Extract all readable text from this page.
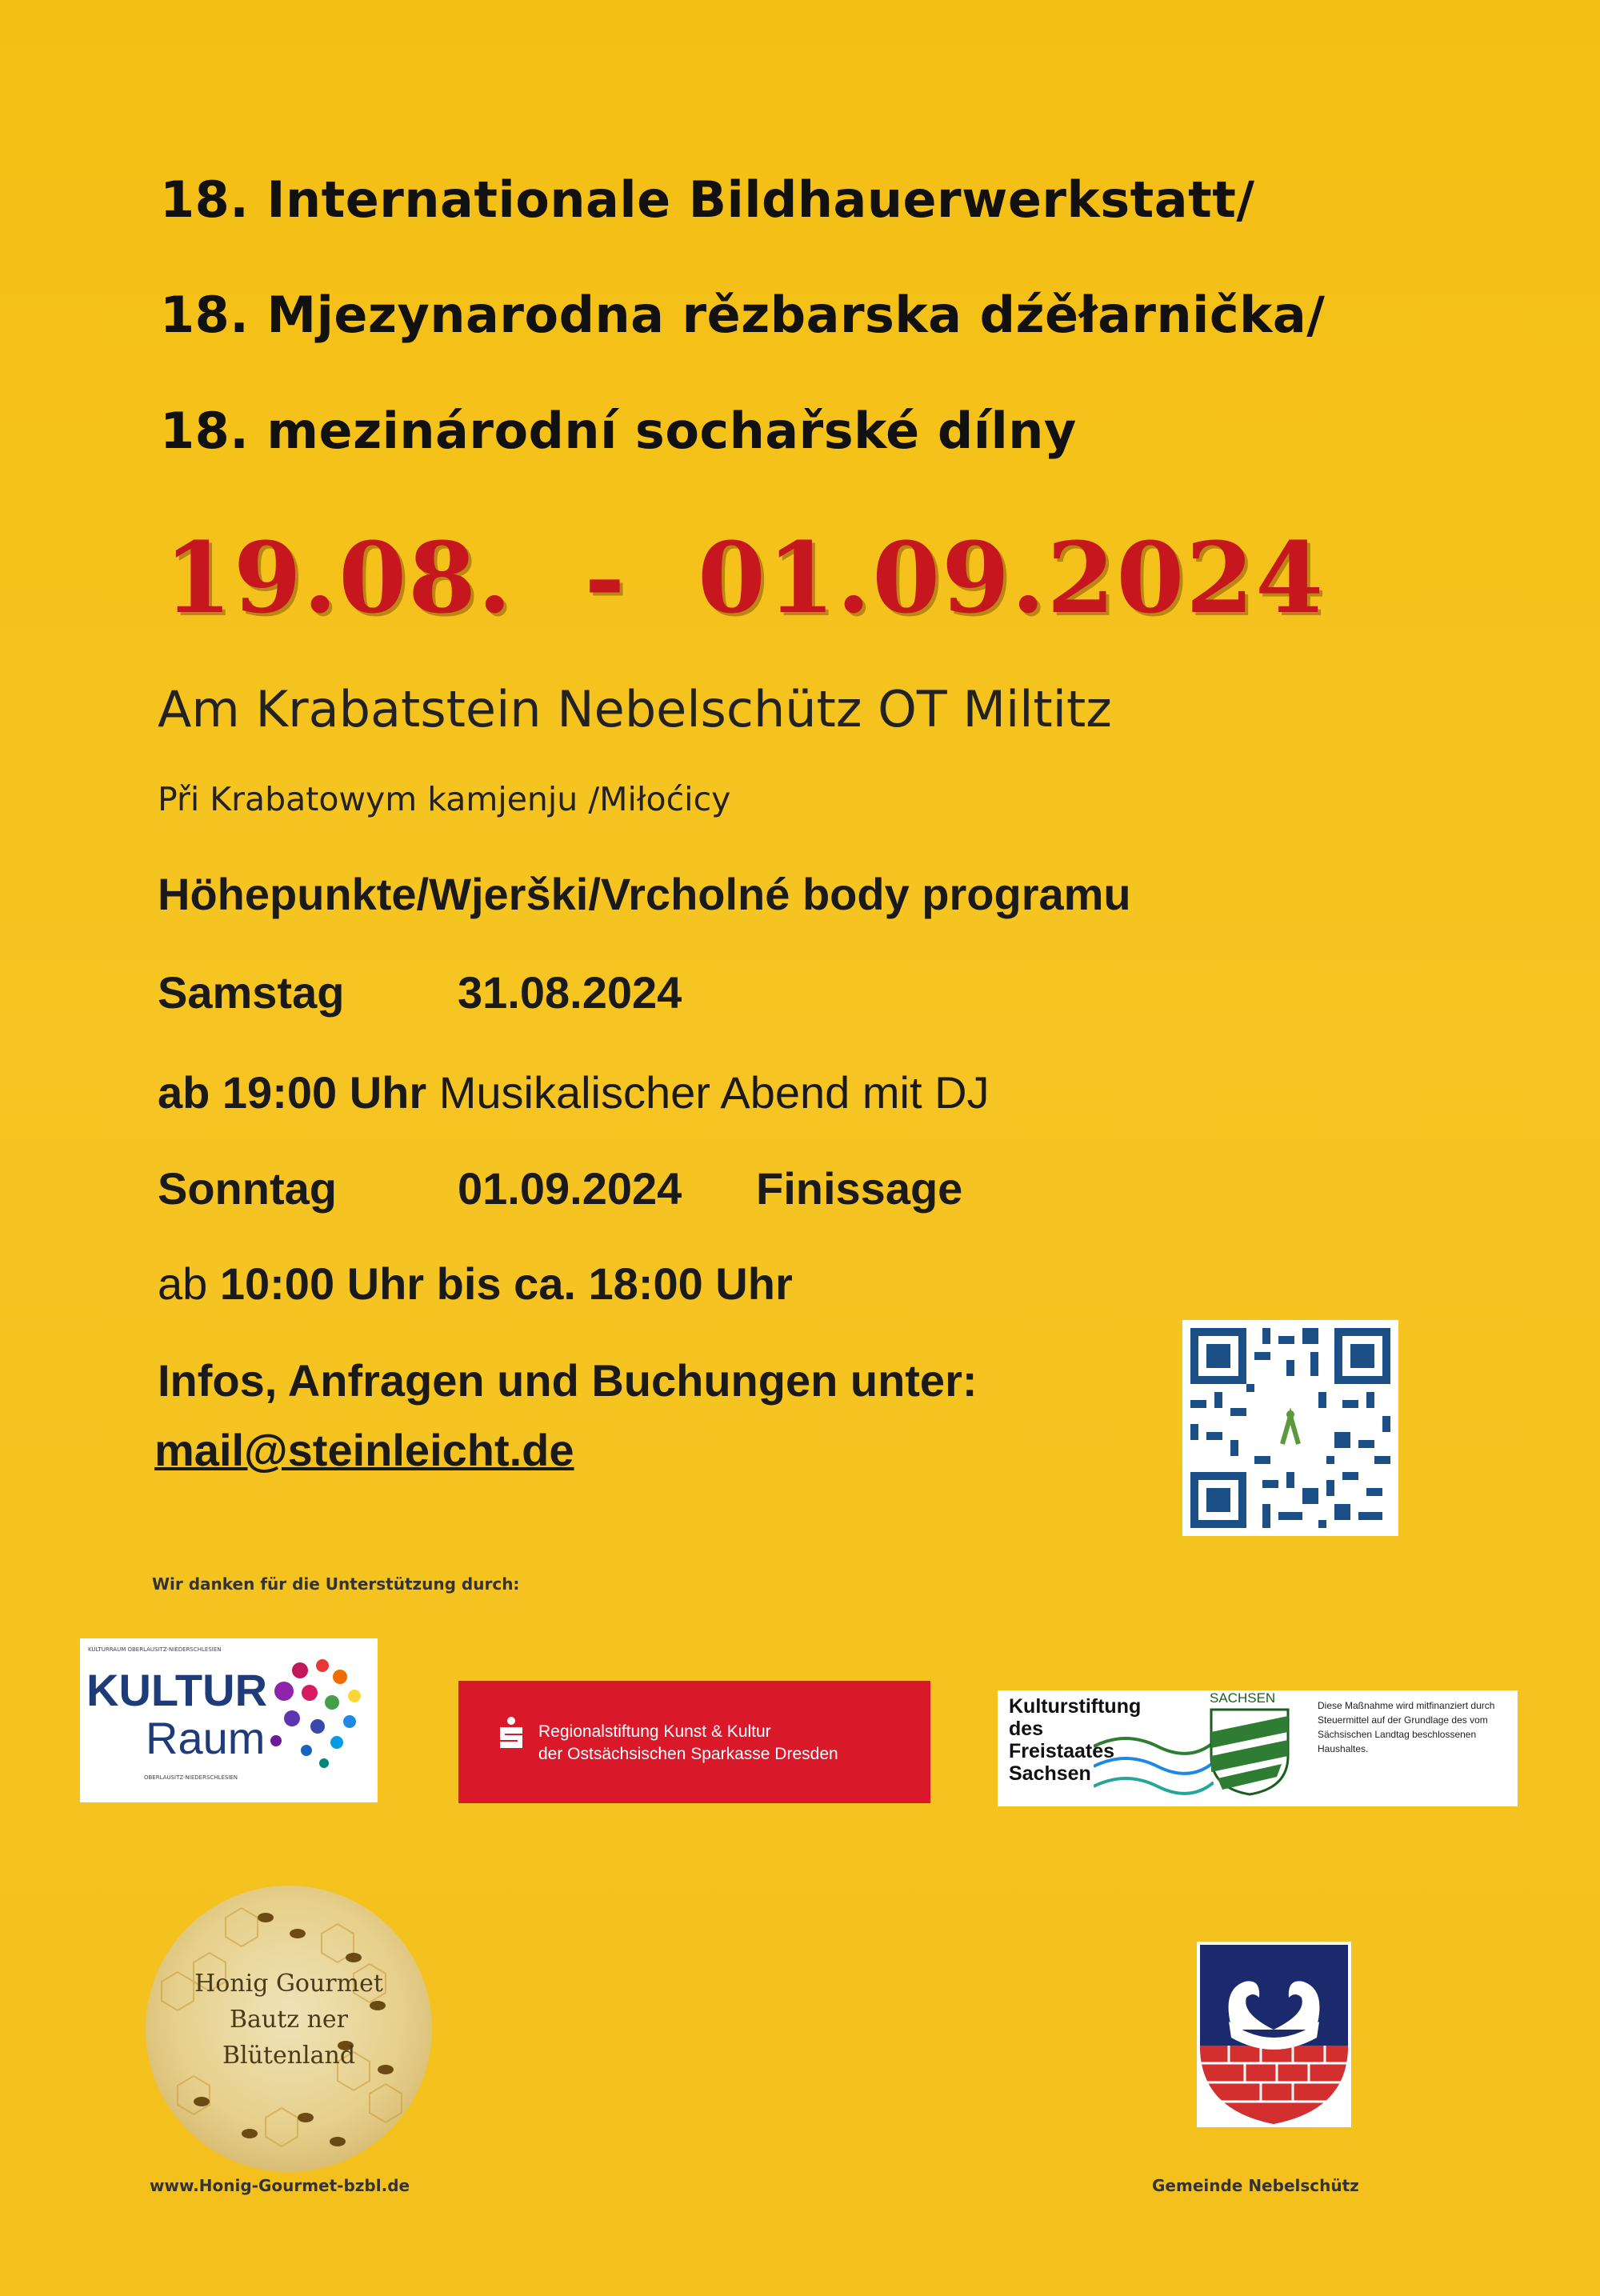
18. Internationale Bildhauerwerkstatt/
18. Mjezynarodna rězbarska dźěłarnička/
18. mezinárodní sochařské dílny
19.08.  -  01.09.2024
Am Krabatstein Nebelschütz OT Miltitz
Při Krabatowym kamjenju /Miłoćicy
Höhepunkte/Wjerški/Vrcholné body programu
Samstag	31.08.2024
ab 19:00 Uhr Musikalischer Abend mit DJ
Sonntag	01.09.2024 Finissage
ab 10:00 Uhr bis ca. 18:00 Uhr
Infos, Anfragen und Buchungen unter:
mail@steinleicht.de
Wir danken für die Unterstützung durch:
KULTURRAUM OBERLAUSITZ-NIEDERSCHLESIEN
KULTUR
Raum
OBERLAUSITZ-NIEDERSCHLESIEN
Regionalstiftung Kunst & Kultur
der Ostsächsischen Sparkasse Dresden
Kulturstiftung
des
Freistaates
Sachsen
SACHSEN	Diese Maßnahme wird mitfinanziert durch Steuermittel auf der Grundlage des vom Sächsischen Landtag beschlossenen Haushaltes.
Honig Gourmet
Bautz ner
Blütenland
www.Honig-Gourmet-bzbl.de	Gemeinde Nebelschütz
